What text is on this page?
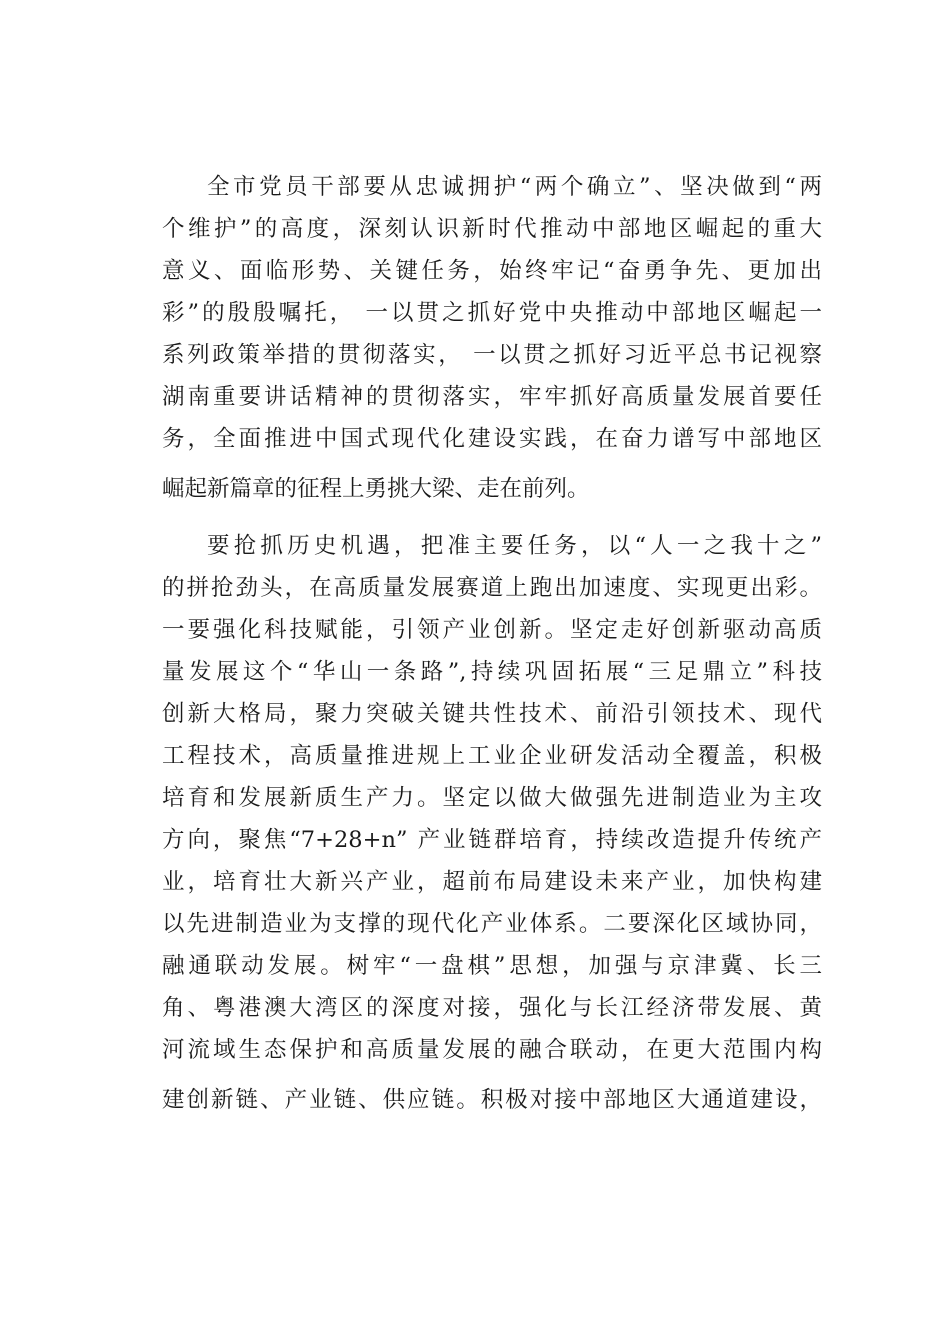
全市党员干部要从忠诚拥护“两个确立”、坚决做到“两
个维护”的高度，深刻认识新时代推动中部地区崛起的重大
意义、面临形势、关键任务，始终牢记“奋勇争先、更加出
彩”的殷殷嘱托， 一以贯之抓好党中央推动中部地区崛起一
系列政策举措的贯彻落实， 一以贯之抓好习近平总书记视察
湖南重要讲话精神的贯彻落实，牢牢抓好高质量发展首要任
务，全面推进中国式现代化建设实践，在奋力谱写中部地区
崛起新篇章的征程上勇挑大梁、走在前列。
要抢抓历史机遇，把准主要任务，以“人一之我十之”
的拼抢劲头，在高质量发展赛道上跑出加速度、实现更出彩。
一要强化科技赋能，引领产业创新。坚定走好创新驱动高质
量发展这个“华山一条路”,持续巩固拓展“三足鼎立”科技
创新大格局，聚力突破关键共性技术、前沿引领技术、现代
工程技术，高质量推进规上工业企业研发活动全覆盖，积极
培育和发展新质生产力。坚定以做大做强先进制造业为主攻
方向，聚焦“7+28+n” 产业链群培育，持续改造提升传统产
业，培育壮大新兴产业，超前布局建设未来产业，加快构建
以先进制造业为支撑的现代化产业体系。二要深化区域协同，
融通联动发展。树牢“一盘棋”思想，加强与京津冀、长三
角、粤港澳大湾区的深度对接，强化与长江经济带发展、黄
河流域生态保护和高质量发展的融合联动，在更大范围内构
建创新链、产业链、供应链。积极对接中部地区大通道建设，
